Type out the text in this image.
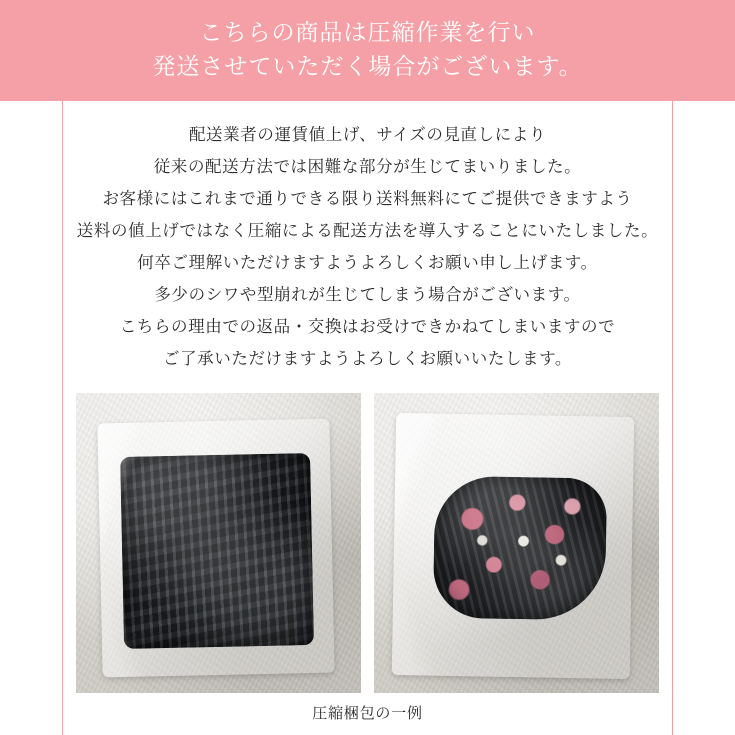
こちらの商品は圧縮作業を行い
発送させていただく場合がございます。
配送業者の運賃値上げ、サイズの見直しにより
従来の配送方法では困難な部分が生じてまいりました。
お客様にはこれまで通りできる限り送料無料にてご提供できますよう
送料の値上げではなく圧縮による配送方法を導入することにいたしました。
何卒ご理解いただけますようよろしくお願い申し上げます。
多少のシワや型崩れが生じてしまう場合がございます。
こちらの理由での返品・交換はお受けできかねてしまいますので
ご了承いただけますようよろしくお願いいたします。
圧縮梱包の一例
